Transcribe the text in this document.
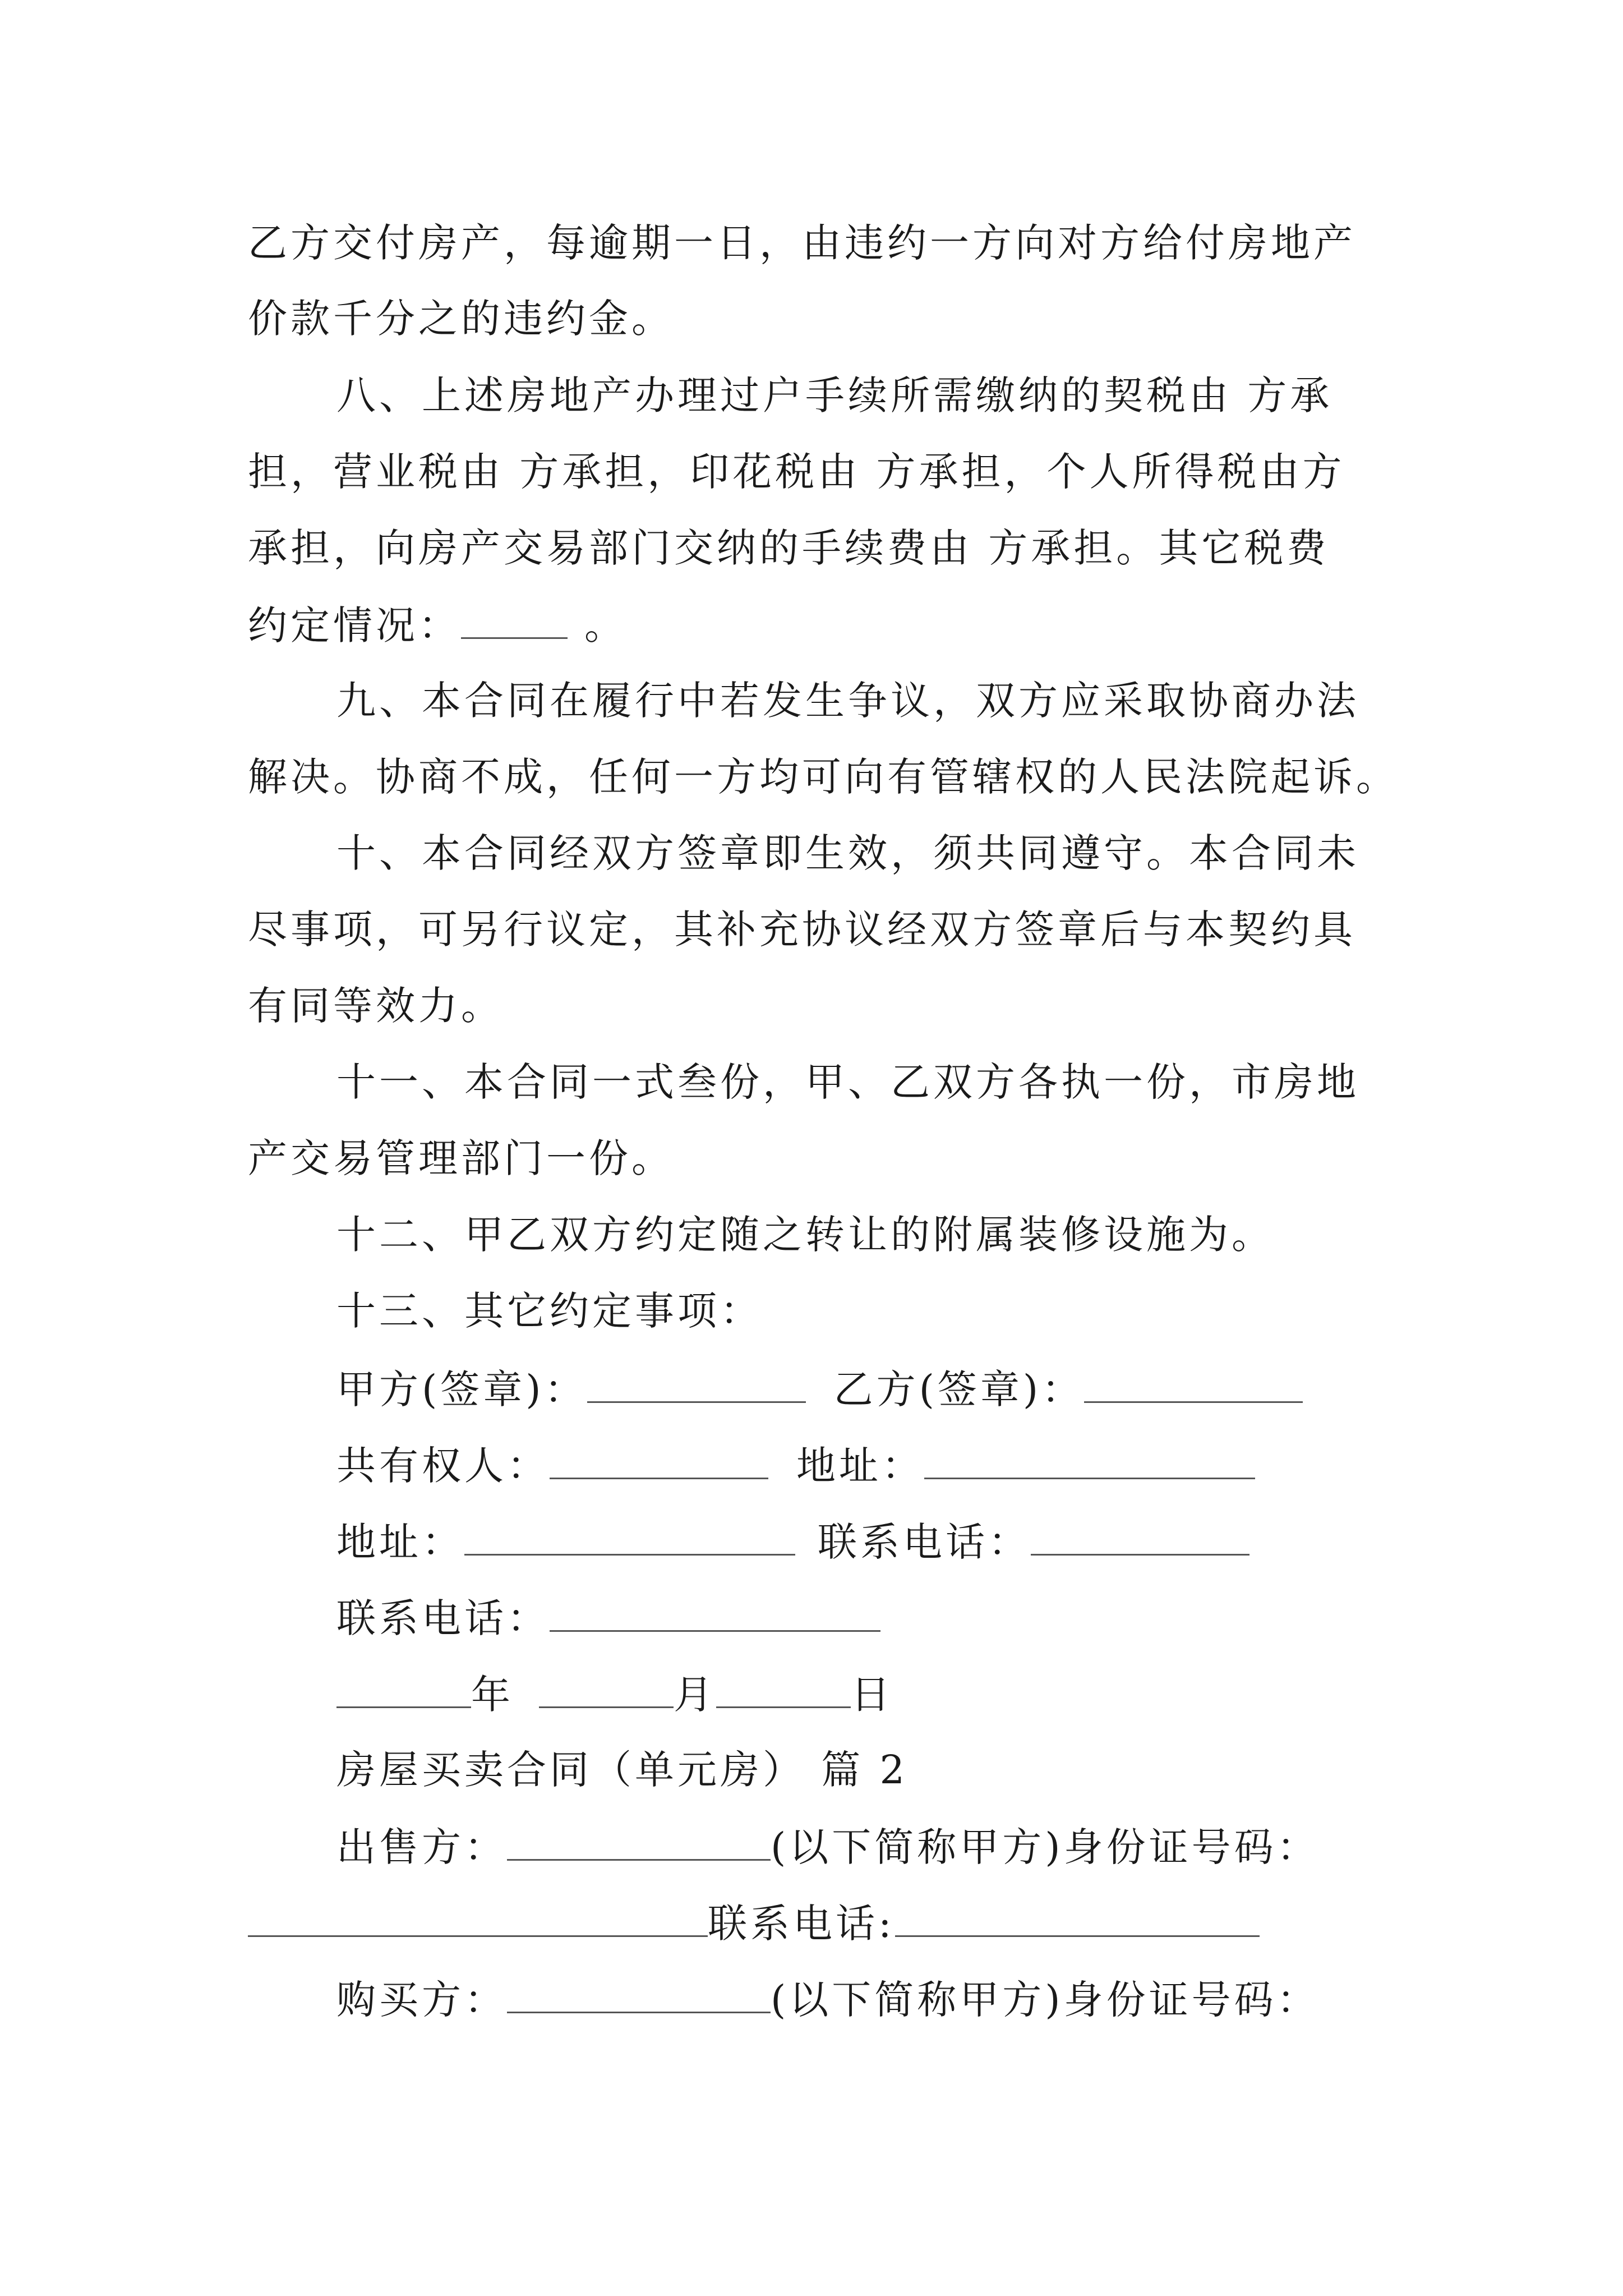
乙方交付房产，每逾期一日，由违约一方向对方给付房地产
价款千分之的违约金。
八、上述房地产办理过户手续所需缴纳的契税由 方承
担，营业税由 方承担，印花税由 方承担，个人所得税由方
承担，向房产交易部门交纳的手续费由 方承担。其它税费
约定情况：	。
九、本合同在履行中若发生争议，双方应采取协商办法
解决。协商不成，任何一方均可向有管辖权的人民法院起诉。
十、本合同经双方签章即生效，须共同遵守。本合同未
尽事项，可另行议定，其补充协议经双方签章后与本契约具
有同等效力。
十一、本合同一式叁份，甲、乙双方各执一份，市房地
产交易管理部门一份。
十二、甲乙双方约定随之转让的附属装修设施为。
十三、其它约定事项：
甲方(签章)：	乙方(签章)：
共有权人：	地址：
地址：	联系电话：
联系电话：
年	月	日
房屋买卖合同（单元房） 篇 2
出售方：	(以下简称甲方)身份证号码：
联系电话:
购买方：	(以下简称甲方)身份证号码：
